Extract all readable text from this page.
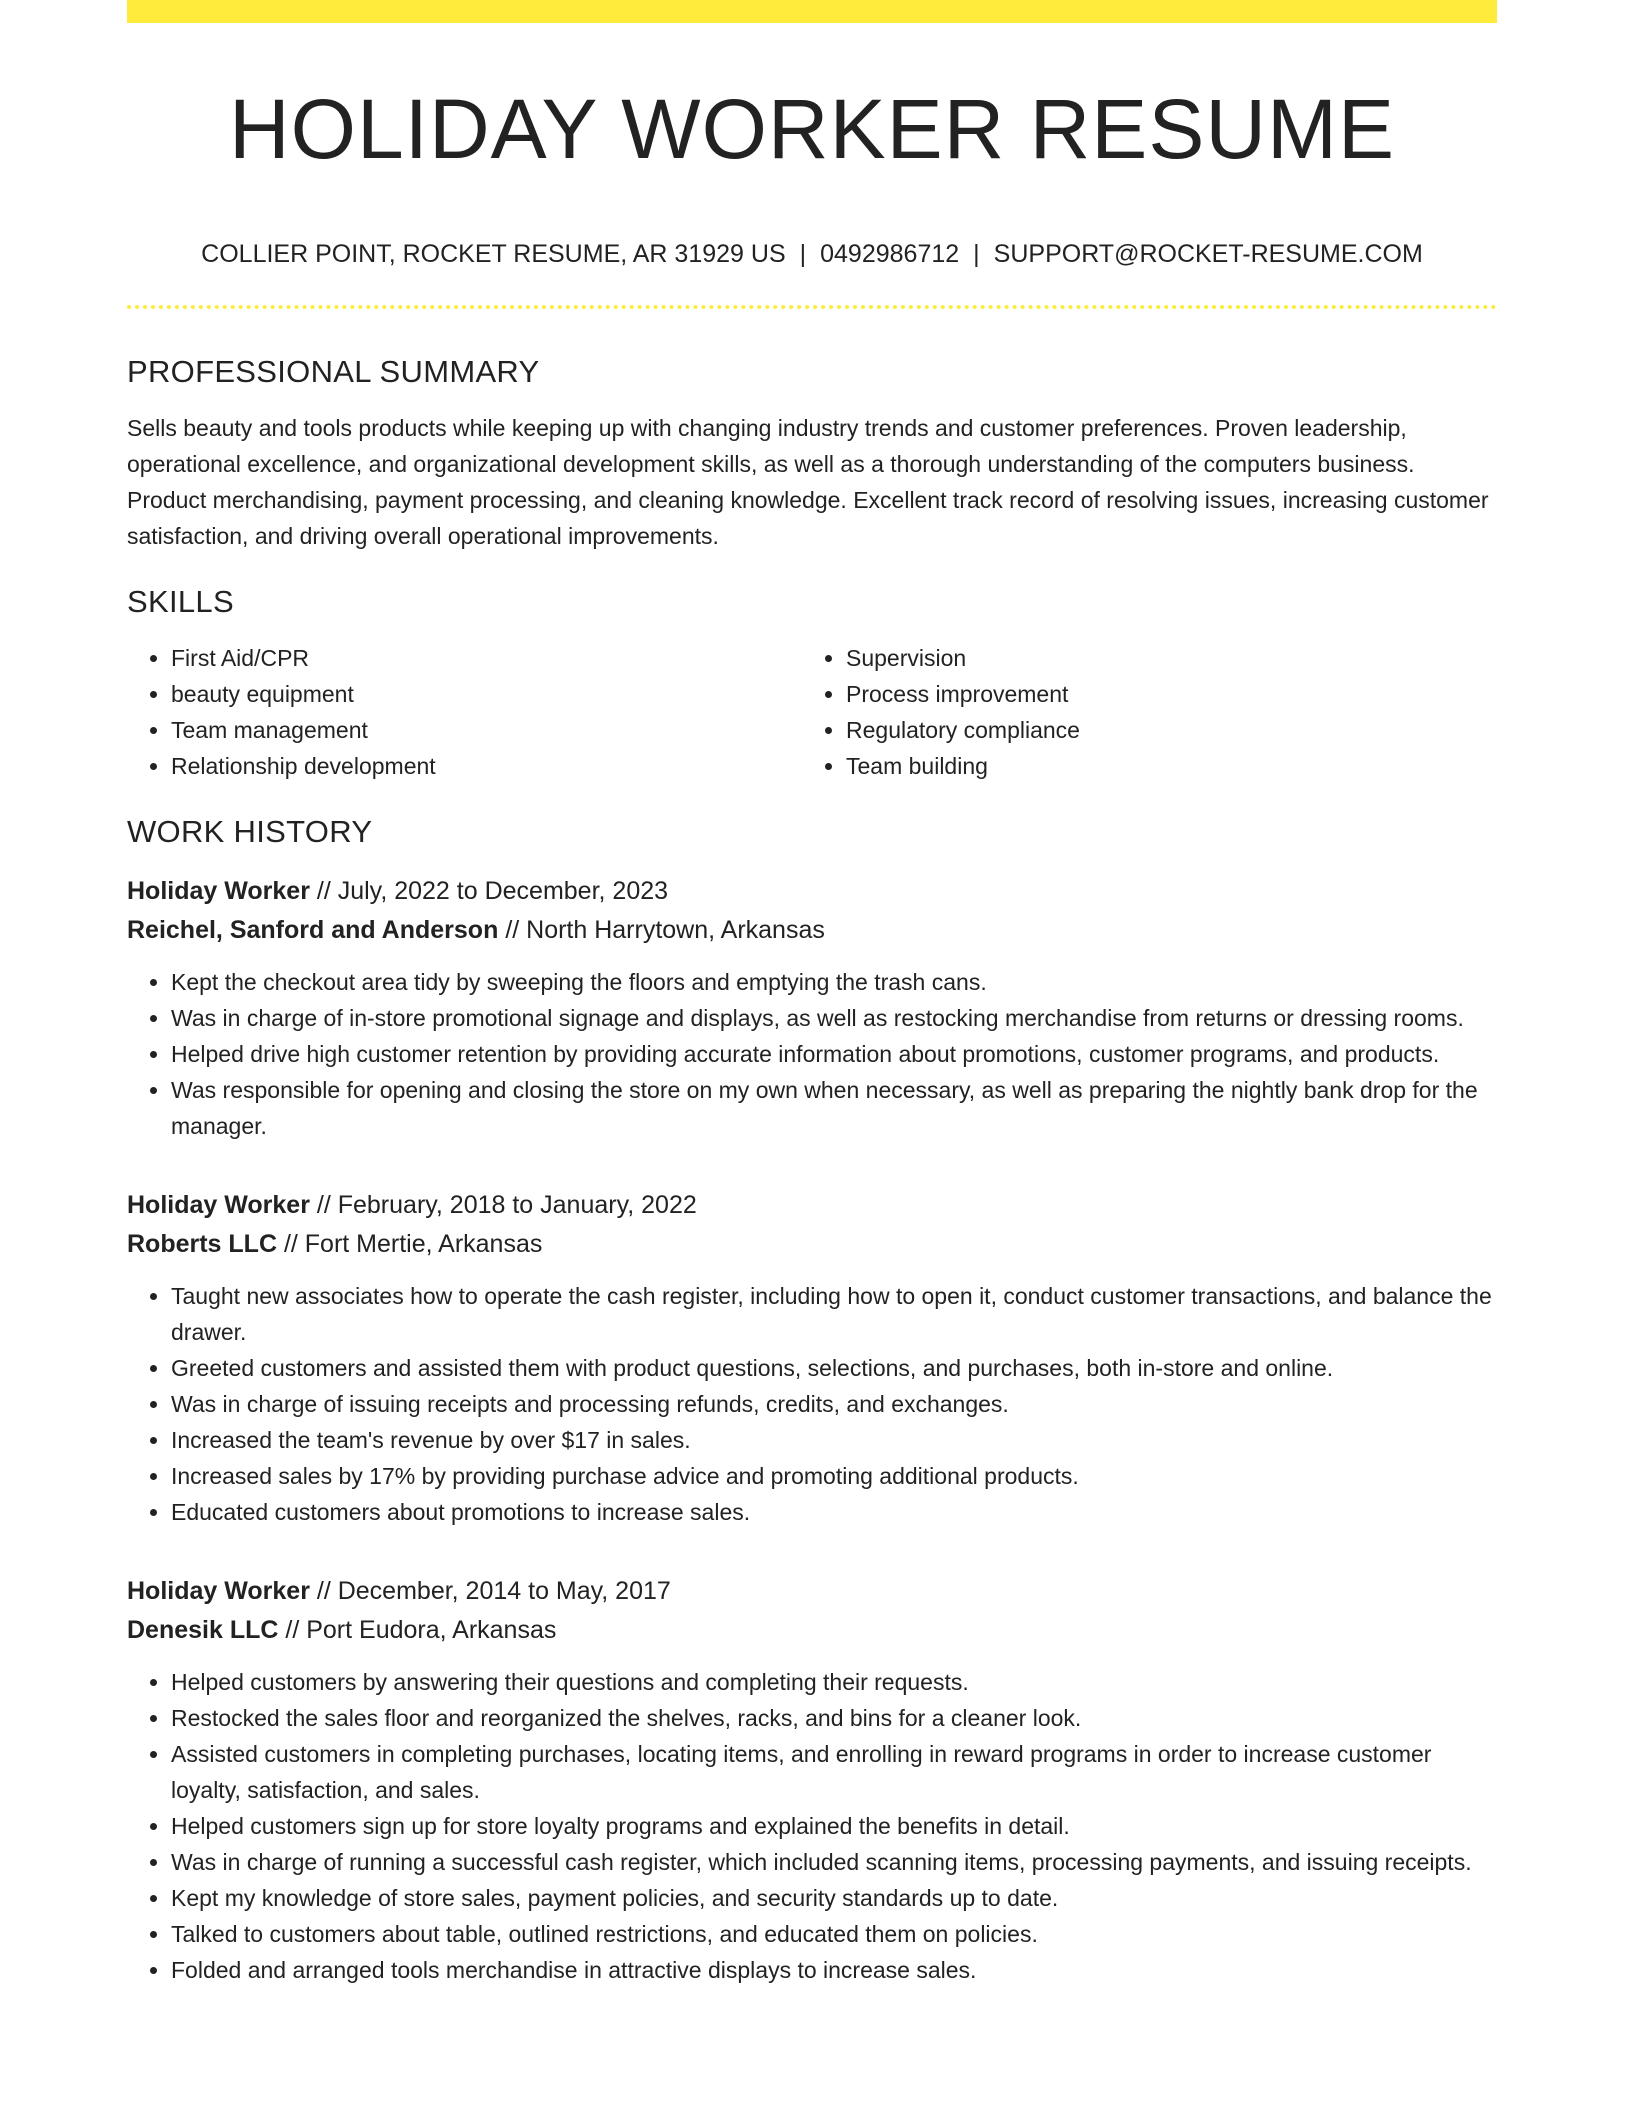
HOLIDAY WORKER RESUME
COLLIER POINT, ROCKET RESUME, AR 31929 US | 0492986712 | SUPPORT@ROCKET-RESUME.COM
PROFESSIONAL SUMMARY

Sells beauty and tools products while keeping up with changing industry trends and customer preferences. Proven leadership, operational excellence, and organizational development skills, as well as a thorough understanding of the computers business. Product merchandising, payment processing, and cleaning knowledge. Excellent track record of resolving issues, increasing customer satisfaction, and driving overall operational improvements.

SKILLS
• First Aid/CPR
• beauty equipment
• Team management
• Relationship development
• Supervision
• Process improvement
• Regulatory compliance
• Team building
WORK HISTORY
Holiday Worker // July, 2022 to December, 2023
Reichel, Sanford and Anderson // North Harrytown, Arkansas
• Kept the checkout area tidy by sweeping the floors and emptying the trash cans.
• Was in charge of in-store promotional signage and displays, as well as restocking merchandise from returns or dressing rooms.
• Helped drive high customer retention by providing accurate information about promotions, customer programs, and products.
• Was responsible for opening and closing the store on my own when necessary, as well as preparing the nightly bank drop for the manager.
Holiday Worker // February, 2018 to January, 2022
Roberts LLC // Fort Mertie, Arkansas
• Taught new associates how to operate the cash register, including how to open it, conduct customer transactions, and balance the drawer.
• Greeted customers and assisted them with product questions, selections, and purchases, both in-store and online.
• Was in charge of issuing receipts and processing refunds, credits, and exchanges.
• Increased the team's revenue by over $17 in sales.
• Increased sales by 17% by providing purchase advice and promoting additional products.
• Educated customers about promotions to increase sales.
Holiday Worker // December, 2014 to May, 2017
Denesik LLC // Port Eudora, Arkansas
• Helped customers by answering their questions and completing their requests.
• Restocked the sales floor and reorganized the shelves, racks, and bins for a cleaner look.
• Assisted customers in completing purchases, locating items, and enrolling in reward programs in order to increase customer loyalty, satisfaction, and sales.
• Helped customers sign up for store loyalty programs and explained the benefits in detail.
• Was in charge of running a successful cash register, which included scanning items, processing payments, and issuing receipts.
• Kept my knowledge of store sales, payment policies, and security standards up to date.
• Talked to customers about table, outlined restrictions, and educated them on policies.
• Folded and arranged tools merchandise in attractive displays to increase sales.
